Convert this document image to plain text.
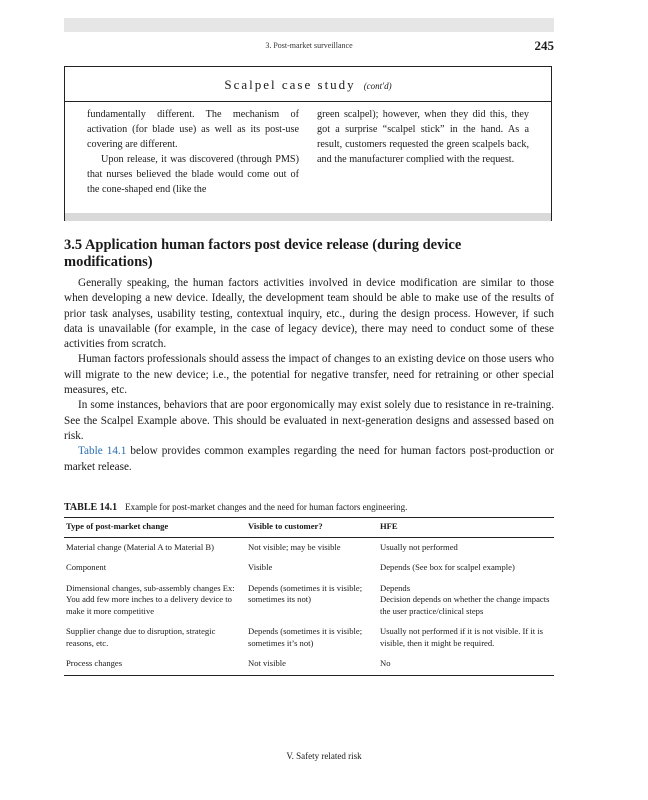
3. Post-market surveillance	245
Scalpel case study (cont'd)

fundamentally different. The mechanism of activation (for blade use) as well as its post-use covering are different.

Upon release, it was discovered (through PMS) that nurses believed the blade would come out of the cone-shaped end (like the

green scalpel); however, when they did this, they got a surprise “scalpel stick” in the hand. As a result, customers requested the green scalpels back, and the manufacturer complied with the request.

3.5 Application human factors post device release (during device modifications)

Generally speaking, the human factors activities involved in device modification are similar to those when developing a new device. Ideally, the development team should be able to make use of the results of prior task analyses, usability testing, contextual inquiry, etc., during the design process. However, if such data is unavailable (for example, in the case of legacy device), there may need to conduct some of these activities from scratch.

Human factors professionals should assess the impact of changes to an existing device on those users who will migrate to the new device; i.e., the potential for negative transfer, need for retraining or other special measures, etc.

In some instances, behaviors that are poor ergonomically may exist solely due to resistance in re-training. See the Scalpel Example above. This should be evaluated in next-generation designs and assessed based on risk.

Table 14.1 below provides common examples regarding the need for human factors post-production or market release.

TABLE 14.1 Example for post-market changes and the need for human factors engineering.
Type of post-market change	Visible to customer?	HFE
Material change (Material A to Material B)	Not visible; may be visible	Usually not performed
Component	Visible	Depends (See box for scalpel example)
Dimensional changes, sub-assembly changes Ex: You add few more inches to a delivery device to make it more competitive	Depends (sometimes it is visible; sometimes its not)	Depends
Decision depends on whether the change impacts the user practice/clinical steps
Supplier change due to disruption, strategic reasons, etc.	Depends (sometimes it is visible; sometimes it’s not)	Usually not performed if it is not visible. If it is visible, then it might be required.
Process changes	Not visible	No
V. Safety related risk
